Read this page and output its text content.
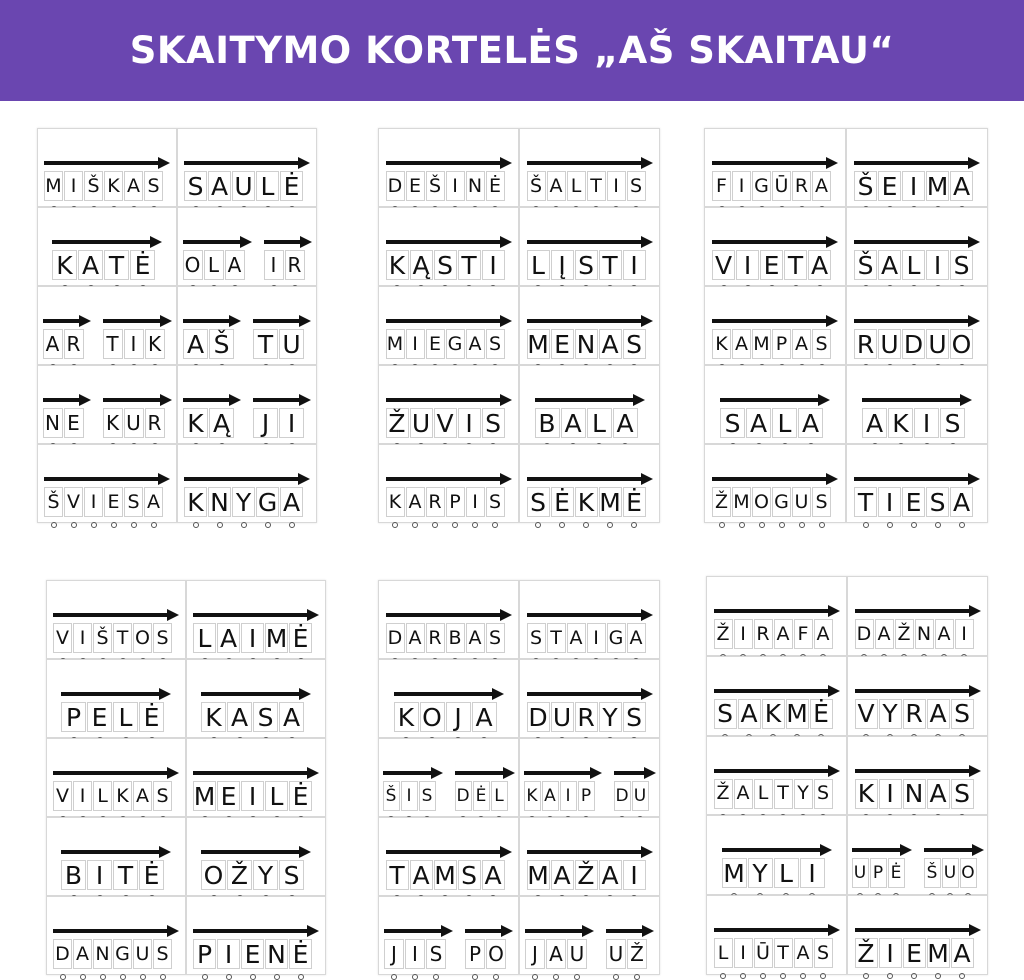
SKAITYMO KORTELĖS „AŠ SKAITAU“
M I Š K A S S A U L Ė
K A T Ė O L A I R
A R T I K A Š T U
N E K U R K Ą J I
Š V I E S A K N Y G A
D E Š I N Ė Š A L T I S
K Ą S T I L Į S T I
M I E G A S M E N A S
Ž U V I S B A L A
K A R P I S S Ė K M Ė
F I G Ū R A Š E I M A
V I E T A Š A L I S
K A M P A S R U D U O
S A L A A K I S
Ž M O G U S T I E S A
V I Š T O S L A I M Ė
P E L Ė K A S A
V I L K A S M E I L Ė
B I T Ė O Ž Y S
D A N G U S P I E N Ė
D A R B A S S T A I G A
K O J A D U R Y S
Š I S D Ė L K A I P D U
T A M S A M A Ž A I
J I S P O J A U U Ž
Ž I R A F A D A Ž N A I
S A K M Ė V Y R A S
Ž A L T Y S K I N A S
M Y L I U P Ė Š U O
L I Ū T A S Ž I E M A
